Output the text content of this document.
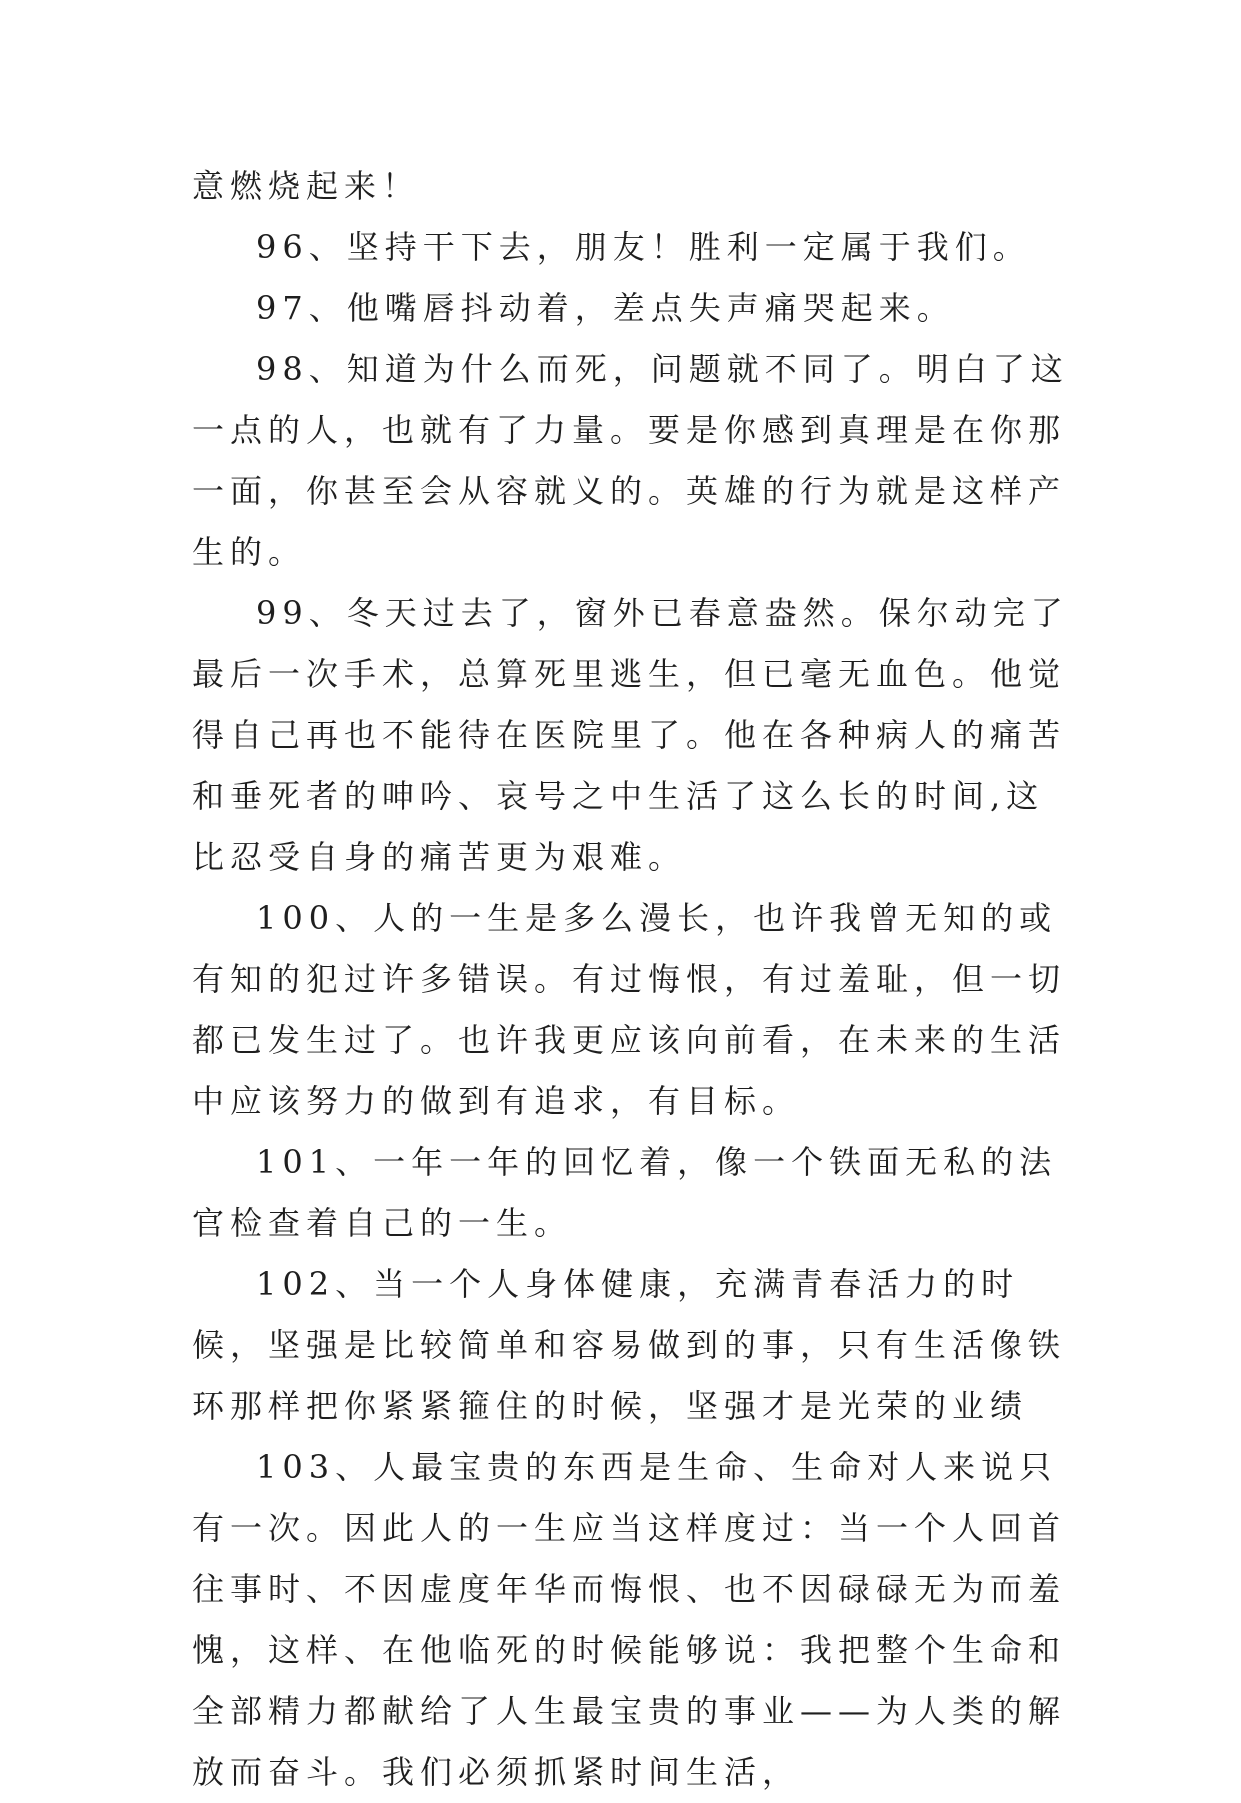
意燃烧起来！

96、坚持干下去，朋友！胜利一定属于我们。

97、他嘴唇抖动着，差点失声痛哭起来。

98、知道为什么而死，问题就不同了。明白了这一点的人，也就有了力量。要是你感到真理是在你那一面，你甚至会从容就义的。英雄的行为就是这样产生的。

99、冬天过去了，窗外已春意盎然。保尔动完了最后一次手术，总算死里逃生，但已毫无血色。他觉得自己再也不能待在医院里了。他在各种病人的痛苦和垂死者的呻吟、哀号之中生活了这么长的时间,这比忍受自身的痛苦更为艰难。

100、人的一生是多么漫长，也许我曾无知的或有知的犯过许多错误。有过悔恨，有过羞耻，但一切都已发生过了。也许我更应该向前看，在未来的生活中应该努力的做到有追求，有目标。

101、一年一年的回忆着，像一个铁面无私的法官检查着自己的一生。

102、当一个人身体健康，充满青春活力的时候，坚强是比较简单和容易做到的事，只有生活像铁环那样把你紧紧箍住的时候，坚强才是光荣的业绩

103、人最宝贵的东西是生命、生命对人来说只有一次。因此人的一生应当这样度过：当一个人回首往事时、不因虚度年华而悔恨、也不因碌碌无为而羞愧，这样、在他临死的时候能够说：我把整个生命和全部精力都献给了人生最宝贵的事业——为人类的解放而奋斗。我们必须抓紧时间生活，
